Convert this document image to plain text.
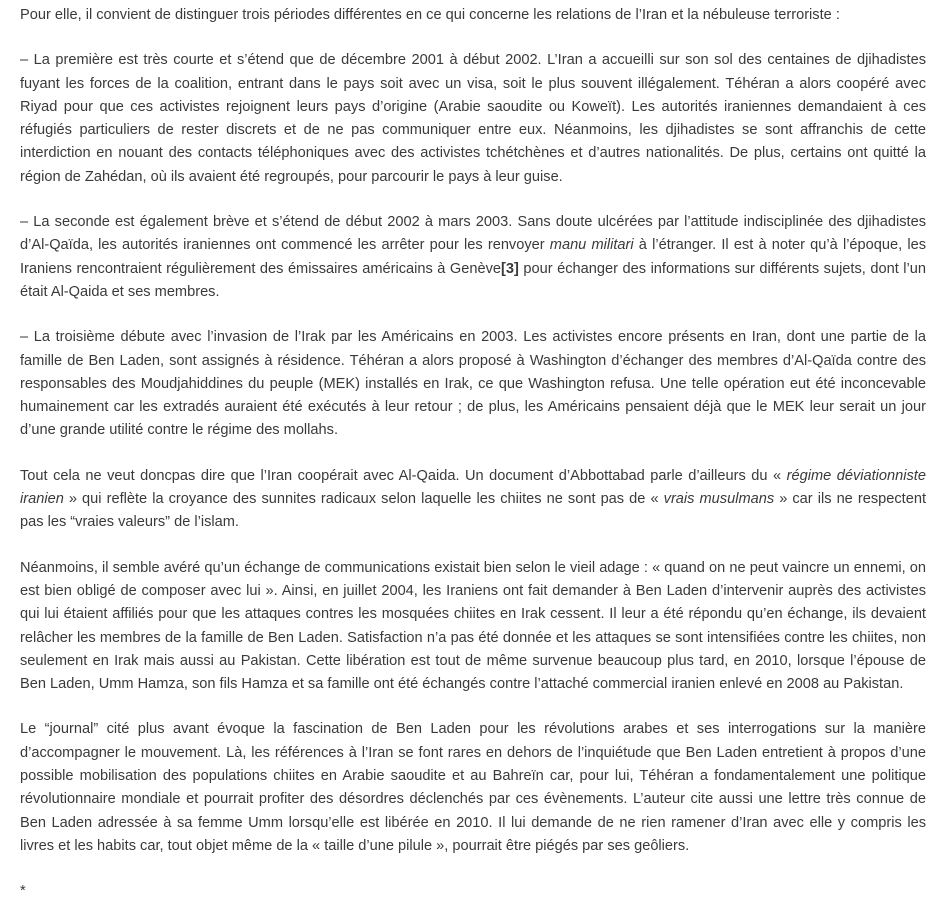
Pour elle, il convient de distinguer trois périodes différentes en ce qui concerne les relations de l’Iran et la nébuleuse terroriste :

– La première est très courte et s’étend que de décembre 2001 à début 2002. L’Iran a accueilli sur son sol des centaines de djihadistes fuyant les forces de la coalition, entrant dans le pays soit avec un visa, soit le plus souvent illégalement. Téhéran a alors coopéré avec Riyad pour que ces activistes rejoignent leurs pays d’origine (Arabie saoudite ou Koweït). Les autorités iraniennes demandaient à ces réfugiés particuliers de rester discrets et de ne pas communiquer entre eux. Néanmoins, les djihadistes se sont affranchis de cette interdiction en nouant des contacts téléphoniques avec des activistes tchétchènes et d’autres nationalités. De plus, certains ont quitté la région de Zahédan, où ils avaient été regroupés, pour parcourir le pays à leur guise.

– La seconde est également brève et s’étend de début 2002 à mars 2003. Sans doute ulcérées par l’attitude indisciplinée des djihadistes d’Al-Qaïda, les autorités iraniennes ont commencé les arrêter pour les renvoyer manu militari à l’étranger. Il est à noter qu’à l’époque, les Iraniens rencontraient régulièrement des émissaires américains à Genève[3] pour échanger des informations sur différents sujets, dont l’un était Al-Qaida et ses membres.

– La troisième débute avec l’invasion de l’Irak par les Américains en 2003. Les activistes encore présents en Iran, dont une partie de la famille de Ben Laden, sont assignés à résidence. Téhéran a alors proposé à Washington d’échanger des membres d’Al-Qaïda contre des responsables des Moudjahiddines du peuple (MEK) installés en Irak, ce que Washington refusa. Une telle opération eut été inconcevable humainement car les extradés auraient été exécutés à leur retour ; de plus, les Américains pensaient déjà que le MEK leur serait un jour d’une grande utilité contre le régime des mollahs.

Tout cela ne veut doncpas dire que l’Iran coopérait avec Al-Qaida. Un document d’Abbottabad parle d’ailleurs du « régime déviationniste iranien » qui reflète la croyance des sunnites radicaux selon laquelle les chiites ne sont pas de « vrais musulmans » car ils ne respectent pas les “vraies valeurs” de l’islam.

Néanmoins, il semble avéré qu’un échange de communications existait bien selon le vieil adage : « quand on ne peut vaincre un ennemi, on est bien obligé de composer avec lui ». Ainsi, en juillet 2004, les Iraniens ont fait demander à Ben Laden d’intervenir auprès des activistes qui lui étaient affiliés pour que les attaques contres les mosquées chiites en Irak cessent. Il leur a été répondu qu’en échange, ils devaient relâcher les membres de la famille de Ben Laden. Satisfaction n’a pas été donnée et les attaques se sont intensifiées contre les chiites, non seulement en Irak mais aussi au Pakistan. Cette libération est tout de même survenue beaucoup plus tard, en 2010, lorsque l’épouse de Ben Laden, Umm Hamza, son fils Hamza et sa famille ont été échangés contre l’attaché commercial iranien enlevé en 2008 au Pakistan.

Le “journal” cité plus avant évoque la fascination de Ben Laden pour les révolutions arabes et ses interrogations sur la manière d’accompagner le mouvement. Là, les références à l’Iran se font rares en dehors de l’inquiétude que Ben Laden entretient à propos d’une possible mobilisation des populations chiites en Arabie saoudite et au Bahreïn car, pour lui, Téhéran a fondamentalement une politique révolutionnaire mondiale et pourrait profiter des désordres déclenchés par ces évènements. L’auteur cite aussi une lettre très connue de Ben Laden adressée à sa femme Umm lorsqu’elle est libérée en 2010. Il lui demande de ne rien ramener d’Iran avec elle y compris les livres et les habits car, tout objet même de la « taille d’une pilule », pourrait être piégés par ses geôliers.

*
